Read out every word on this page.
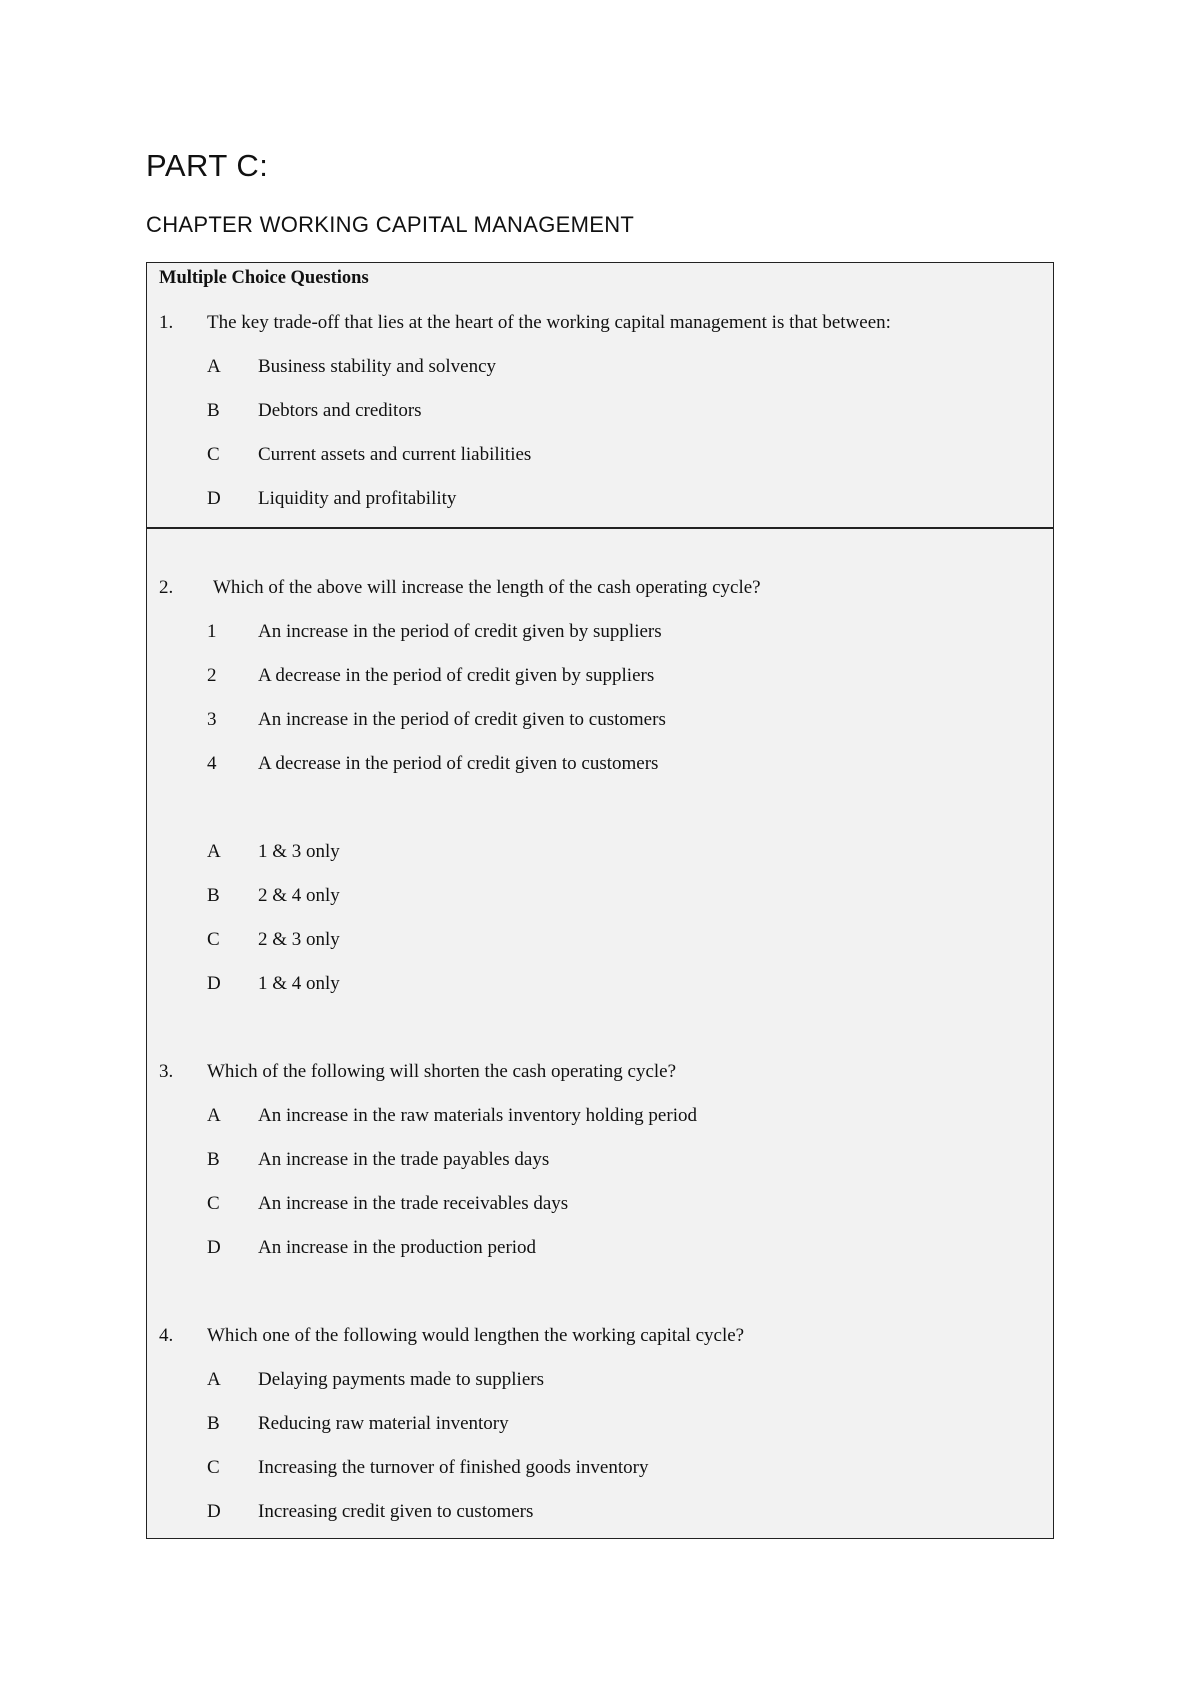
PART C:
CHAPTER WORKING CAPITAL MANAGEMENT
Multiple Choice Questions
1. The key trade-off that lies at the heart of the working capital management is that between:
A Business stability and solvency
B Debtors and creditors
C Current assets and current liabilities
D Liquidity and profitability
2. Which of the above will increase the length of the cash operating cycle?
1 An increase in the period of credit given by suppliers
2 A decrease in the period of credit given by suppliers
3 An increase in the period of credit given to customers
4 A decrease in the period of credit given to customers
A 1 & 3 only
B 2 & 4 only
C 2 & 3 only
D 1 & 4 only
3. Which of the following will shorten the cash operating cycle?
A An increase in the raw materials inventory holding period
B An increase in the trade payables days
C An increase in the trade receivables days
D An increase in the production period
4. Which one of the following would lengthen the working capital cycle?
A Delaying payments made to suppliers
B Reducing raw material inventory
C Increasing the turnover of finished goods inventory
D Increasing credit given to customers
